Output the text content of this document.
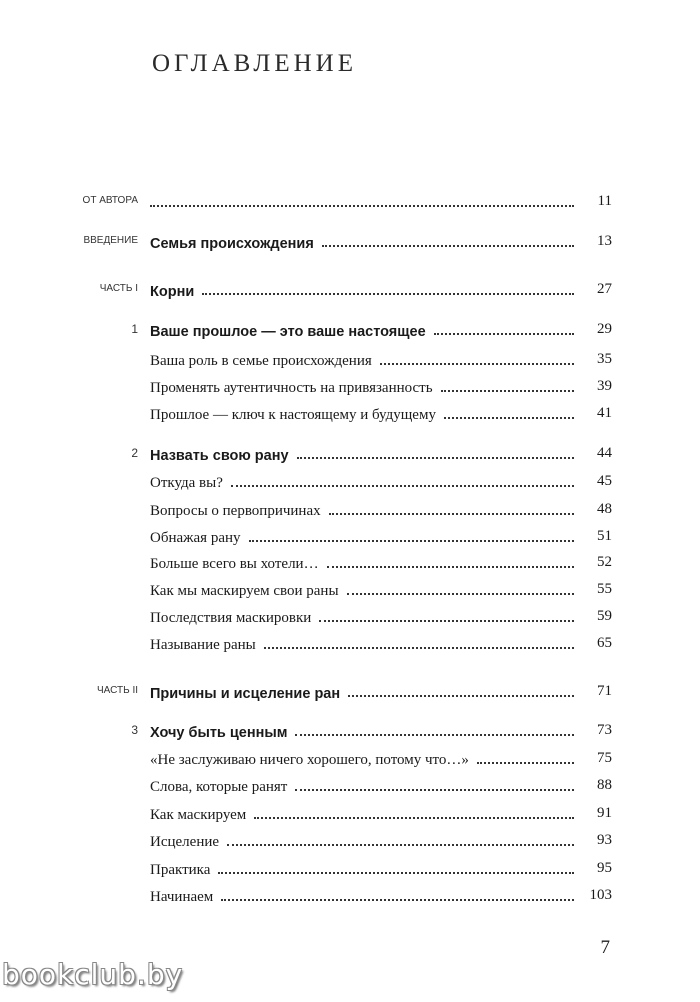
ОГЛАВЛЕНИЕ
ОТ АВТОРА	11
ВВЕДЕНИЕ Семья происхождения	13
ЧАСТЬ I Корни	27
1 Ваше прошлое — это ваше настоящее	29
Ваша роль в семье происхождения	35
Променять аутентичность на привязанность	39
Прошлое — ключ к настоящему и будущему	41
2 Назвать свою рану	44
Откуда вы?	45
Вопросы о первопричинах	48
Обнажая рану	51
Больше всего вы хотели…	52
Как мы маскируем свои раны	55
Последствия маскировки	59
Называние раны	65
ЧАСТЬ II Причины и исцеление ран	71
3 Хочу быть ценным	73
«Не заслуживаю ничего хорошего, потому что…»	75
Слова, которые ранят	88
Как маскируем	91
Исцеление	93
Практика	95
Начинаем	103
7
bookclub.by
